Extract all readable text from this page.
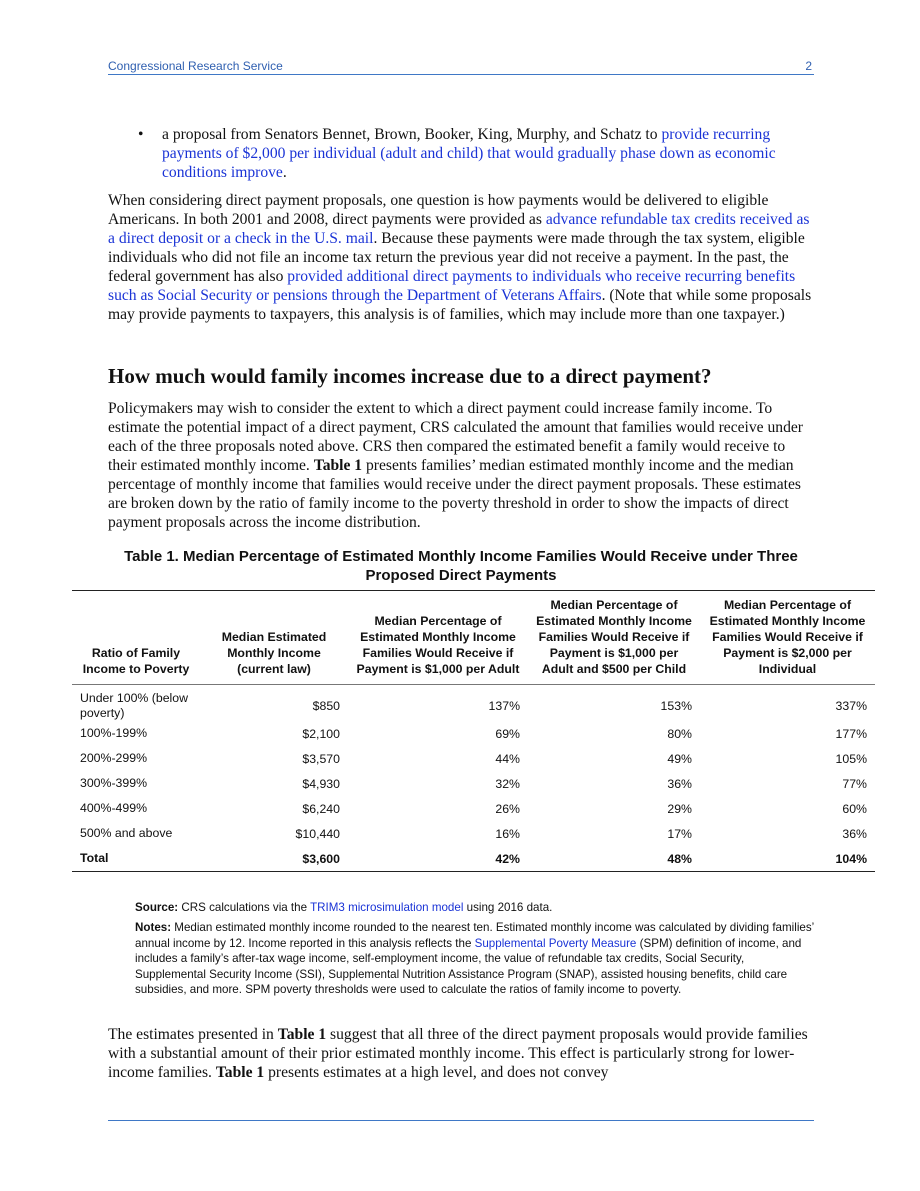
Congressional Research Service	2
•	a proposal from Senators Bennet, Brown, Booker, King, Murphy, and Schatz to provide recurring payments of $2,000 per individual (adult and child) that would gradually phase down as economic conditions improve.
When considering direct payment proposals, one question is how payments would be delivered to eligible Americans. In both 2001 and 2008, direct payments were provided as advance refundable tax credits received as a direct deposit or a check in the U.S. mail. Because these payments were made through the tax system, eligible individuals who did not file an income tax return the previous year did not receive a payment. In the past, the federal government has also provided additional direct payments to individuals who receive recurring benefits such as Social Security or pensions through the Department of Veterans Affairs. (Note that while some proposals may provide payments to taxpayers, this analysis is of families, which may include more than one taxpayer.)
How much would family incomes increase due to a direct payment?
Policymakers may wish to consider the extent to which a direct payment could increase family income. To estimate the potential impact of a direct payment, CRS calculated the amount that families would receive under each of the three proposals noted above. CRS then compared the estimated benefit a family would receive to their estimated monthly income. Table 1 presents families’ median estimated monthly income and the median percentage of monthly income that families would receive under the direct payment proposals. These estimates are broken down by the ratio of family income to the poverty threshold in order to show the impacts of direct payment proposals across the income distribution.
Table 1. Median Percentage of Estimated Monthly Income Families Would Receive under Three Proposed Direct Payments
Ratio of Family Income to Poverty	Median Estimated Monthly Income (current law)	Median Percentage of Estimated Monthly Income Families Would Receive if Payment is $1,000 per Adult	Median Percentage of Estimated Monthly Income Families Would Receive if Payment is $1,000 per Adult and $500 per Child	Median Percentage of Estimated Monthly Income Families Would Receive if Payment is $2,000 per Individual
Under 100% (below poverty)	$850	137%	153%	337%
100%-199%	$2,100	69%	80%	177%
200%-299%	$3,570	44%	49%	105%
300%-399%	$4,930	32%	36%	77%
400%-499%	$6,240	26%	29%	60%
500% and above	$10,440	16%	17%	36%
Total	$3,600	42%	48%	104%
Source: CRS calculations via the TRIM3 microsimulation model using 2016 data.
Notes: Median estimated monthly income rounded to the nearest ten. Estimated monthly income was calculated by dividing families’ annual income by 12. Income reported in this analysis reflects the Supplemental Poverty Measure (SPM) definition of income, and includes a family’s after-tax wage income, self-employment income, the value of refundable tax credits, Social Security, Supplemental Security Income (SSI), Supplemental Nutrition Assistance Program (SNAP), assisted housing benefits, child care subsidies, and more. SPM poverty thresholds were used to calculate the ratios of family income to poverty.
The estimates presented in Table 1 suggest that all three of the direct payment proposals would provide families with a substantial amount of their prior estimated monthly income. This effect is particularly strong for lower-income families. Table 1 presents estimates at a high level, and does not convey
